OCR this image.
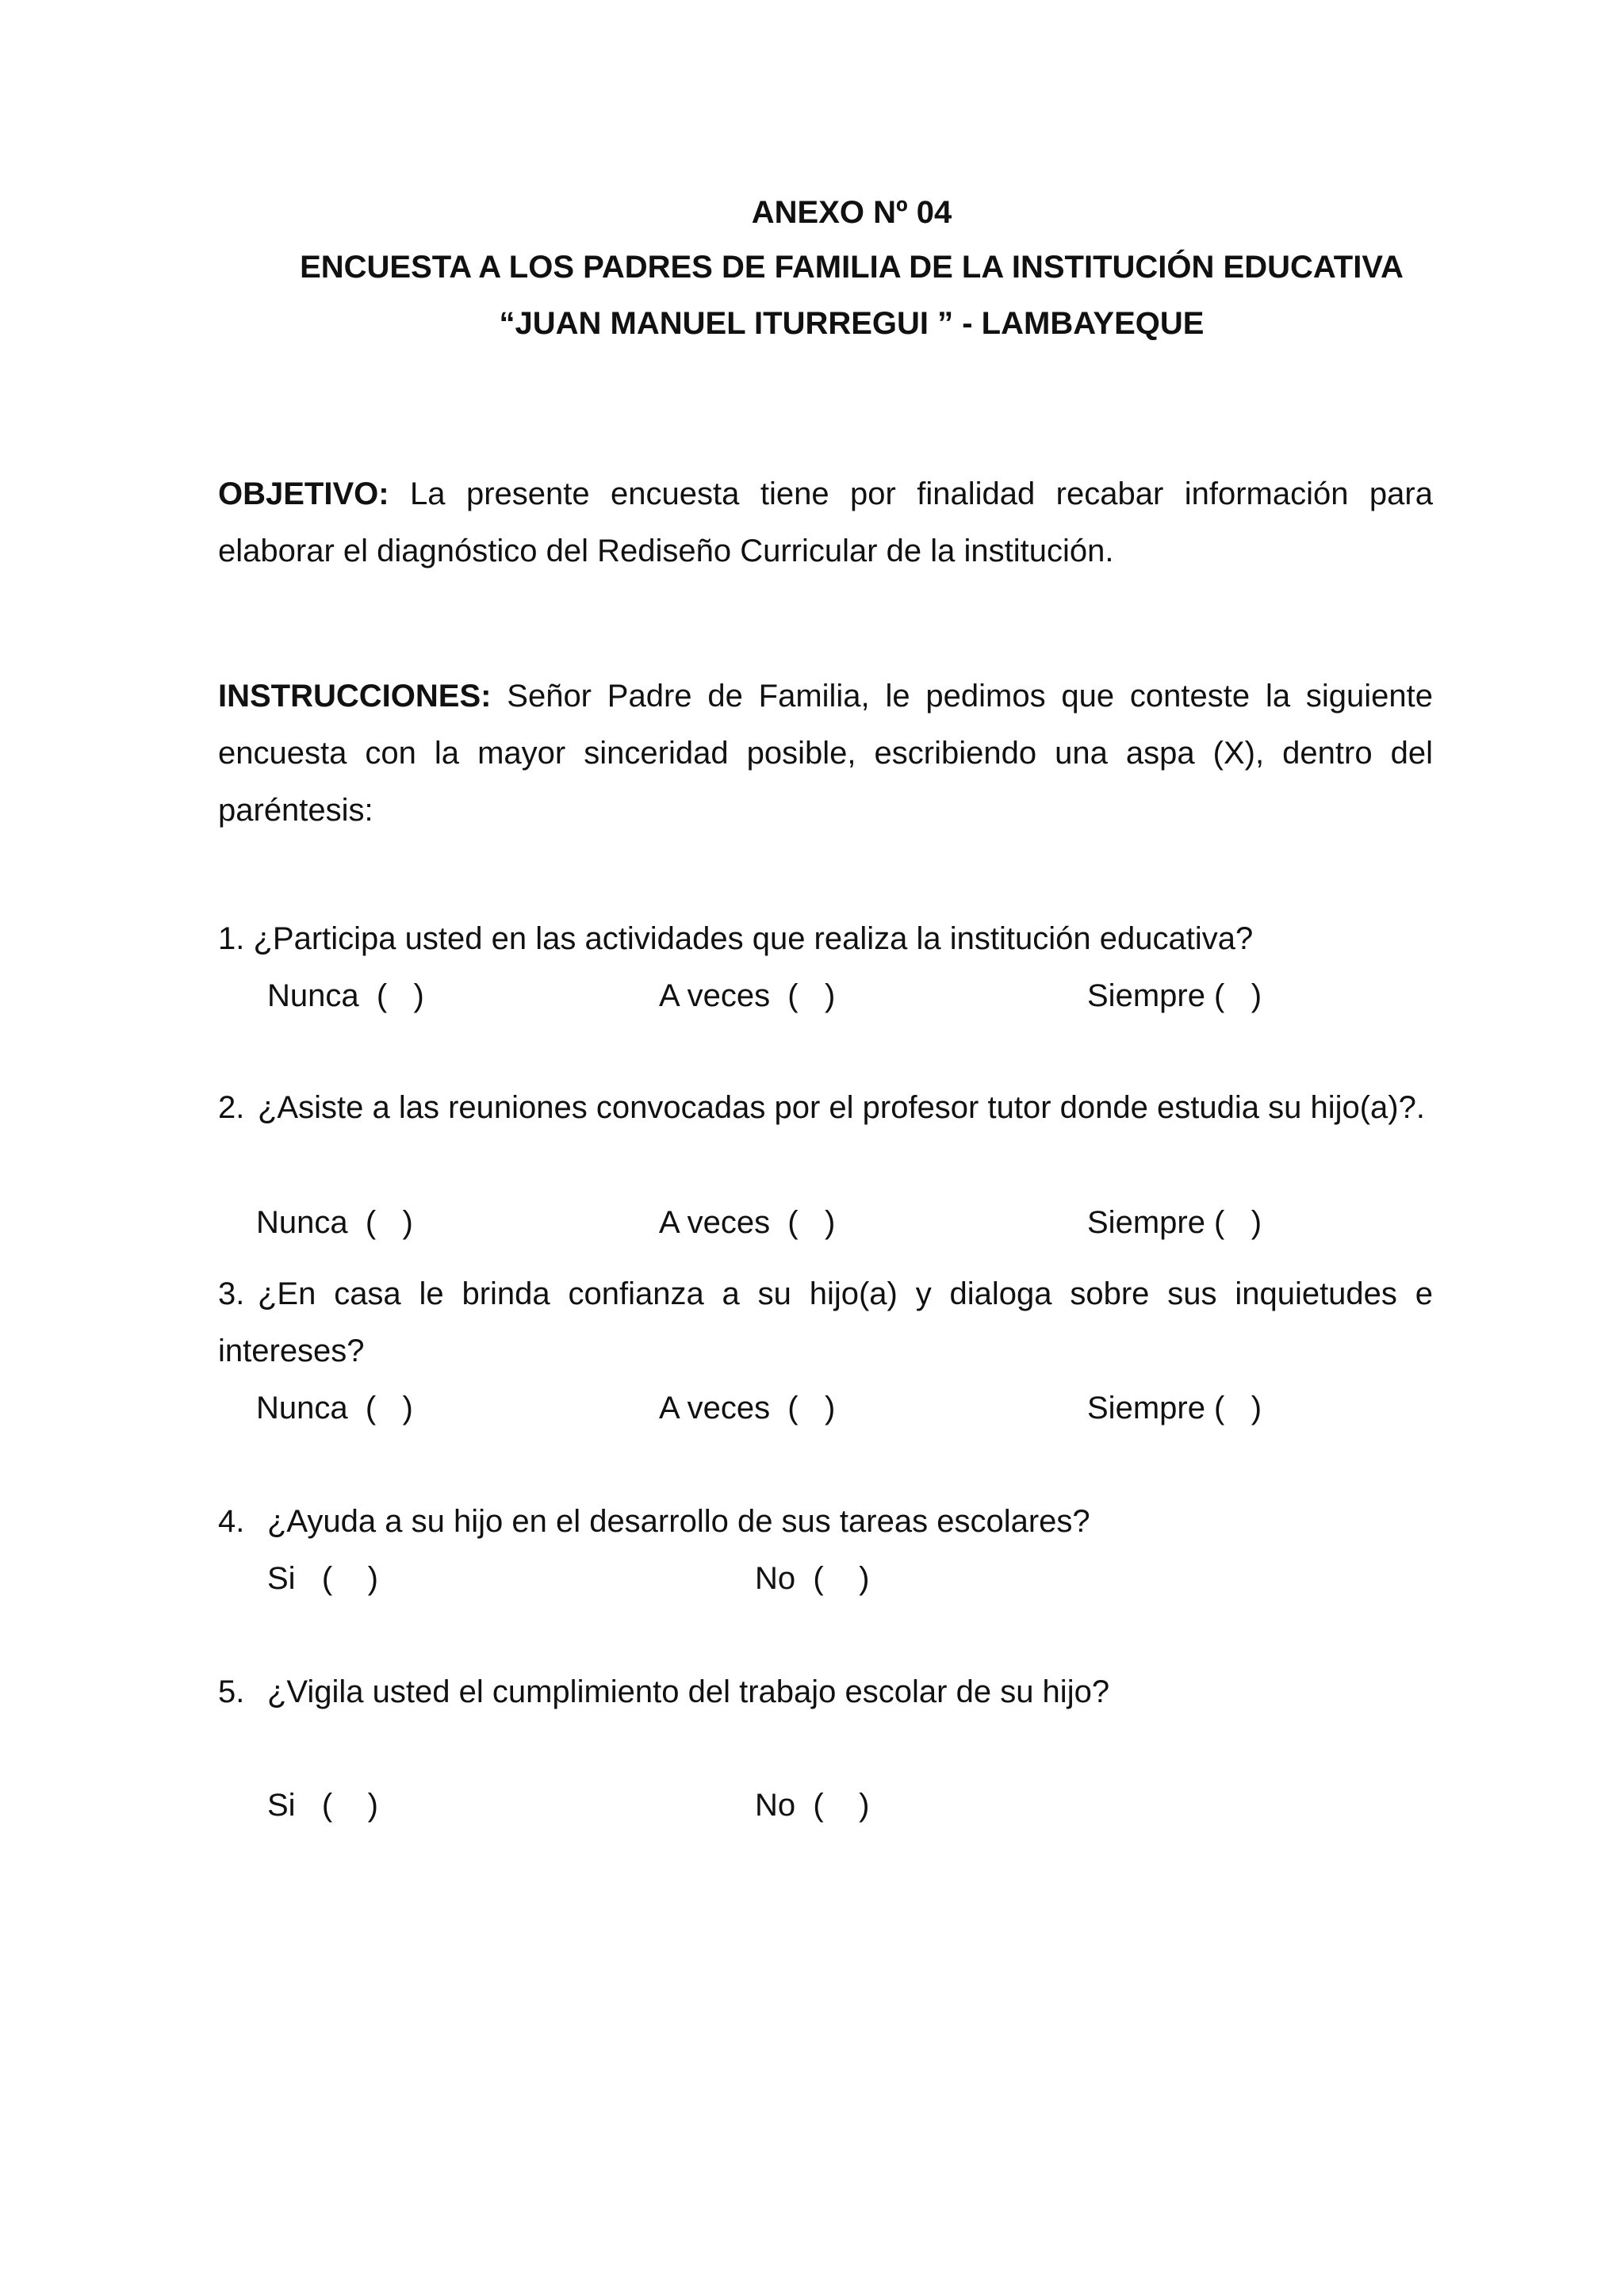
ANEXO Nº 04

ENCUESTA A LOS PADRES DE FAMILIA DE LA INSTITUCIÓN EDUCATIVA

“JUAN MANUEL ITURREGUI ” - LAMBAYEQUE

OBJETIVO: La presente encuesta tiene por finalidad recabar información para elaborar el diagnóstico del Rediseño Curricular de la institución.

INSTRUCCIONES: Señor Padre de Familia, le pedimos que conteste la siguiente encuesta con la mayor sinceridad posible, escribiendo una aspa (X), dentro del paréntesis:

1. ¿Participa usted en las actividades que realiza la institución educativa?

Nunca  (   )	A veces  (   )	Siempre (   )

2. ¿Asiste a las reuniones convocadas por el profesor tutor donde estudia su hijo(a)?.

Nunca  (   )	A veces  (   )	Siempre (   )

3. ¿En casa le brinda confianza a su hijo(a) y dialoga sobre sus inquietudes e intereses?

Nunca  (   )	A veces  (   )	Siempre (   )

4. ¿Ayuda a su hijo en el desarrollo de sus tareas escolares?

Si   (    )	No  (    )

5. ¿Vigila usted el cumplimiento del trabajo escolar de su hijo?

Si   (    )	No  (    )
